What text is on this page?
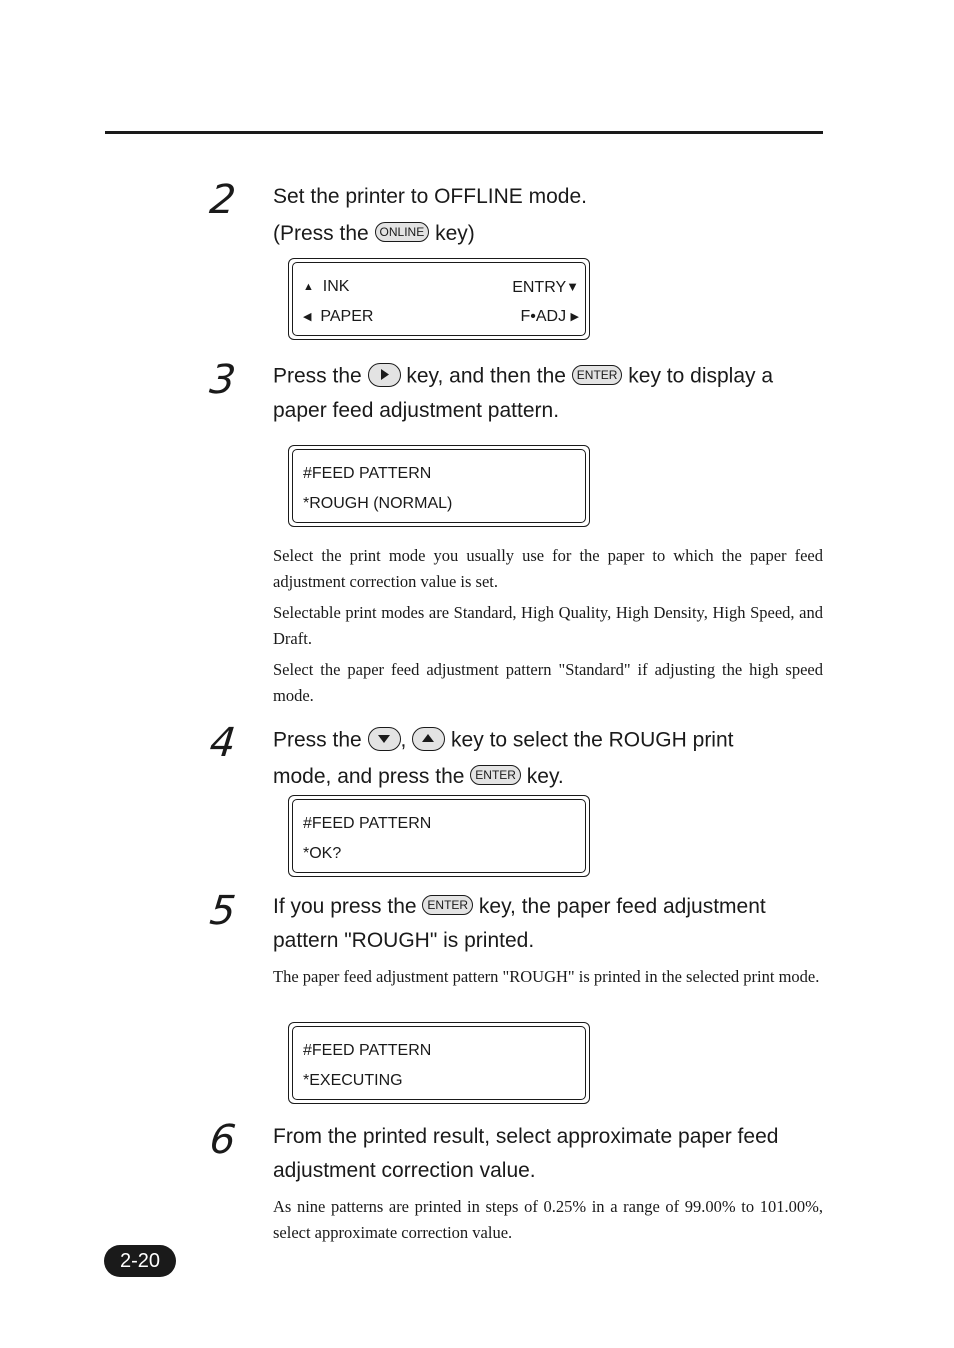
2 Set the printer to OFFLINE mode.
(Press the ONLINE key)
▲ INK	ENTRY▼
◀ PAPER	F•ADJ ▶
3 Press the
key, and then the ENTER key to display a
paper feed adjustment pattern.
#FEED PATTERN
*ROUGH (NORMAL)
Select the print mode you usually use for the paper to which the paper feed adjustment correction value is set.
Selectable print modes are Standard, High Quality, High Density, High Speed, and Draft.
Select the paper feed adjustment pattern "Standard" if adjusting the high speed mode.
4 Press the
,
key to select the ROUGH print
mode, and press the ENTER key.
#FEED PATTERN
*OK?
5 If you press the ENTER key, the paper feed adjustment
pattern "ROUGH" is printed.
The paper feed adjustment pattern "ROUGH" is printed in the selected print mode.
#FEED PATTERN
*EXECUTING
6 From the printed result, select approximate paper feed
adjustment correction value.
As nine patterns are printed in steps of 0.25% in a range of 99.00% to 101.00%, select approximate correction value.
2-20
